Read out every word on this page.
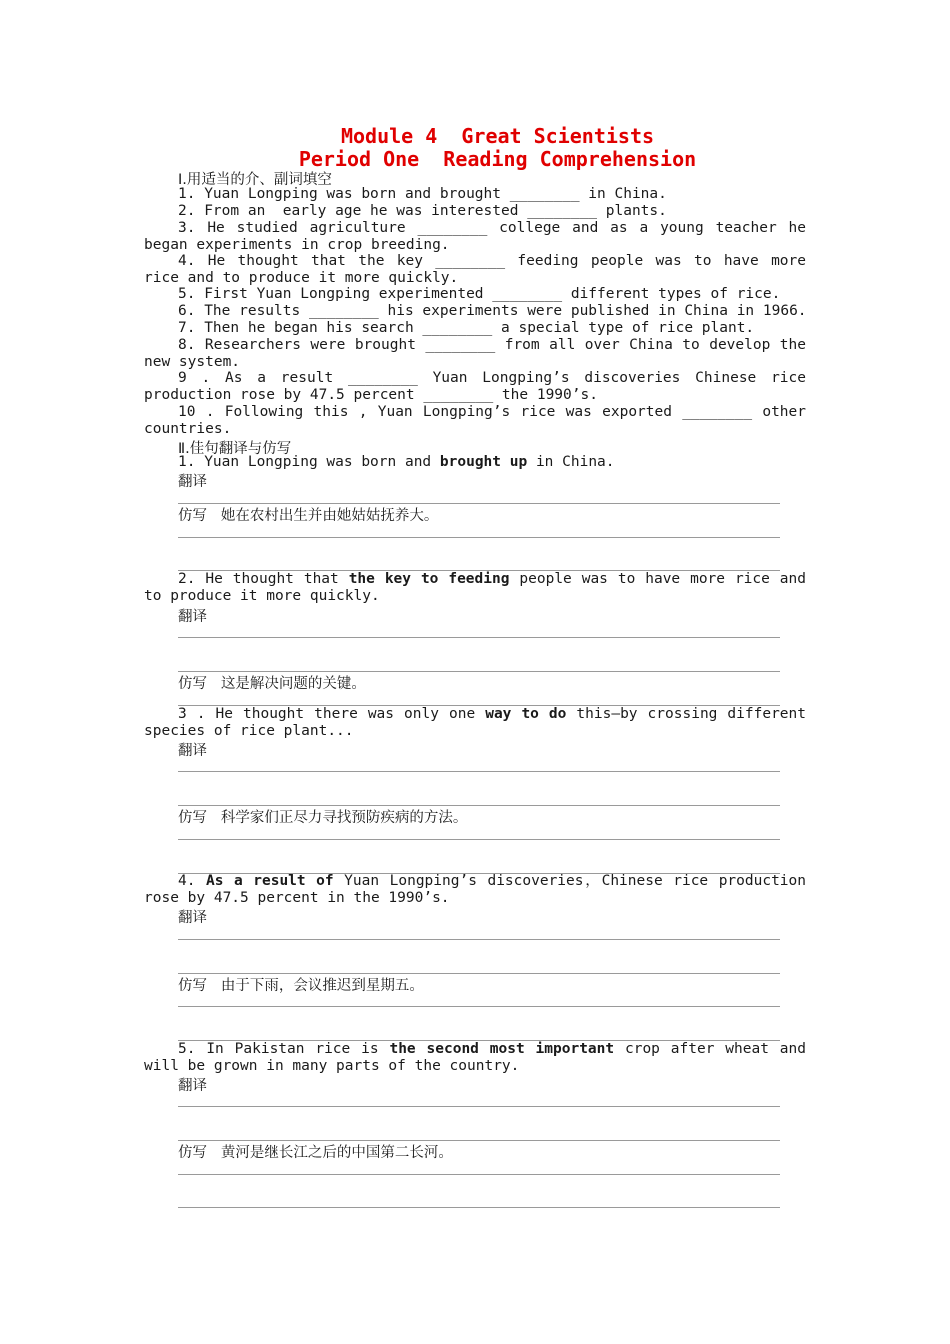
Module 4  Great Scientists
Period One  Reading Comprehension
Ⅰ.用适当的介、副词填空
1. Yuan Longping was born and brought ________ in China.
2. From an  early age he was interested ________ plants.
3. He studied agriculture ________ college and as a young teacher he began experiments in crop breeding.
4. He thought that the key ________ feeding people was to have more rice and to produce it more quickly.
5. First Yuan Longping experimented ________ different types of rice.
6. The results ________ his experiments were published in China in 1966.
7. Then he began his search ________ a special type of rice plant.
8. Researchers were brought ________ from all over China to develop the new system.
9 . As a result ________ Yuan Longping’s discoveries Chinese rice production rose by 47.5 percent ________ the 1990’s.
10 . Following this , Yuan Longping’s rice was exported ________ other countries.
Ⅱ.佳句翻译与仿写
1. Yuan Longping was born and brought up in China.
翻译
仿写 她在农村出生并由她姑姑抚养大。
2. He thought that the key to feeding people was to have more rice and to produce it more quickly.
翻译
仿写 这是解决问题的关键。
3 . He thought there was only one way to do this—by crossing different species of rice plant...
翻译
仿写 科学家们正尽力寻找预防疾病的方法。
4. As a result of Yuan Longping’s discoveries，Chinese rice production rose by 47.5 percent in the 1990’s.
翻译
仿写 由于下雨，会议推迟到星期五。
5. In Pakistan rice is the second most important crop after wheat and will be grown in many parts of the country.
翻译
仿写 黄河是继长江之后的中国第二长河。
